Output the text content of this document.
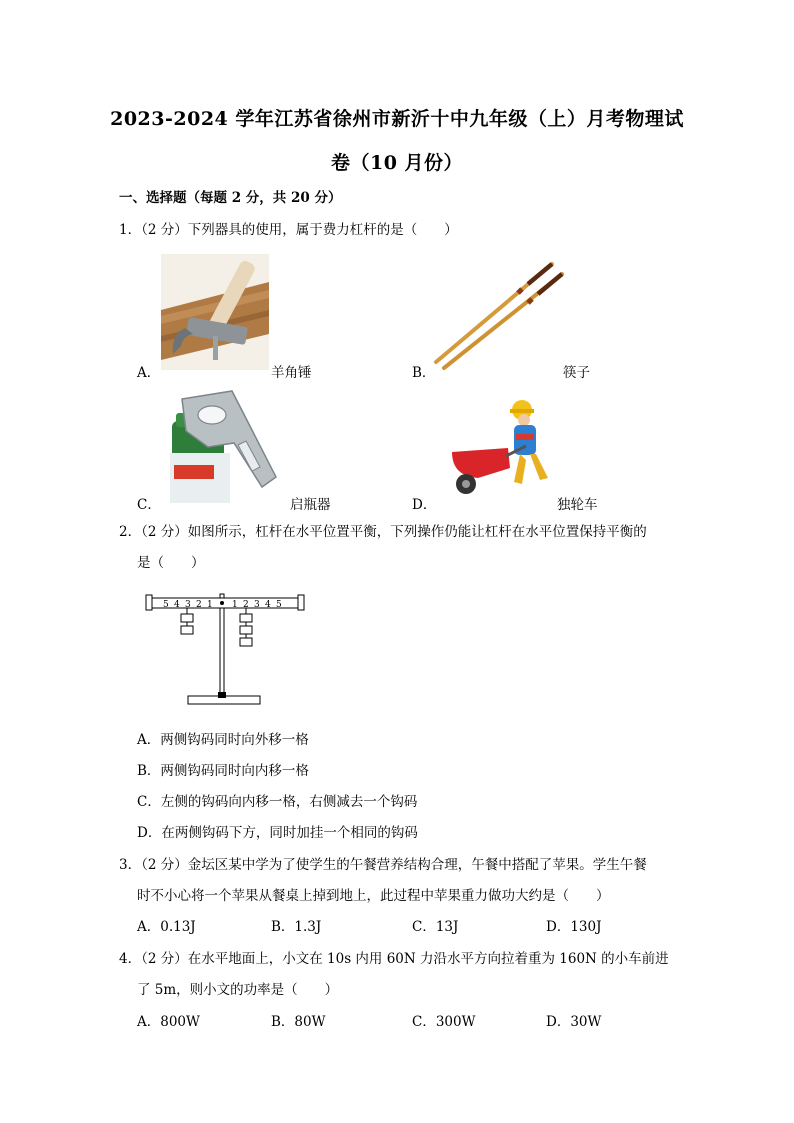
2023-2024 学年江苏省徐州市新沂十中九年级（上）月考物理试
卷（10 月份）
一、选择题（每题 2 分，共 20 分）
1．（2 分）下列器具的使用，属于费力杠杆的是（　　）
A．	羊角锤	B．	筷子
C．	启瓶器	D．	独轮车
2．（2 分）如图所示，杠杆在水平位置平衡，下列操作仍能让杠杆在水平位置保持平衡的
是（　　）
5 4 3 2 1 1 2 3 4 5
A．两侧钩码同时向外移一格
B．两侧钩码同时向内移一格
C．左侧的钩码向内移一格，右侧减去一个钩码
D．在两侧钩码下方，同时加挂一个相同的钩码
3．（2 分）金坛区某中学为了使学生的午餐营养结构合理，午餐中搭配了苹果。学生午餐
时不小心将一个苹果从餐桌上掉到地上，此过程中苹果重力做功大约是（　　）
A．0.13J	B．1.3J	C．13J	D．130J
4．（2 分）在水平地面上，小文在 10s 内用 60N 力沿水平方向拉着重为 160N 的小车前进
了 5m，则小文的功率是（　　）
A．800W	B．80W	C．300W	D．30W
